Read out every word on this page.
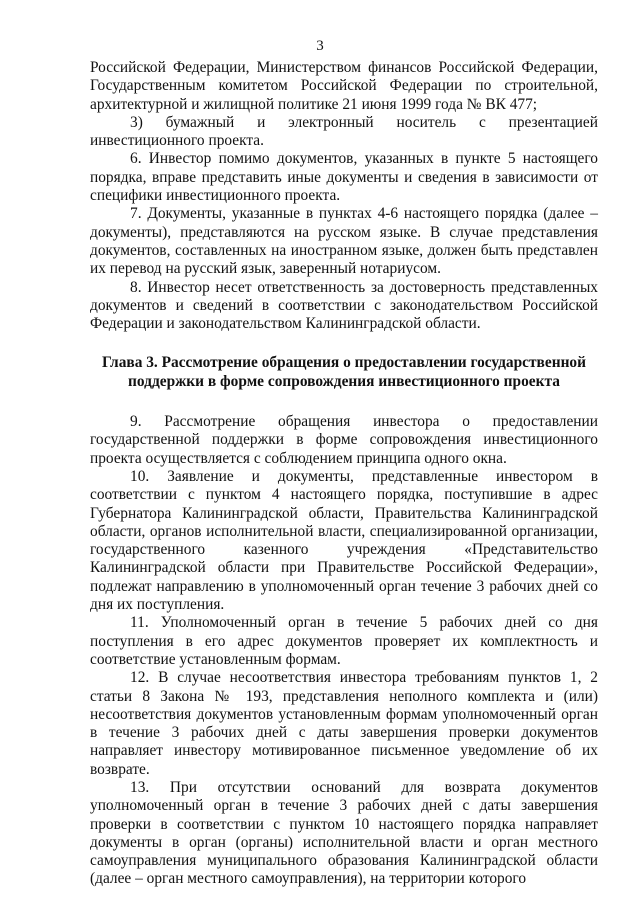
3

Российской Федерации, Министерством финансов Российской Федерации, Государственным комитетом Российской Федерации по строительной, архитектурной и жилищной политике 21 июня 1999 года № ВК 477;

3) бумажный и электронный носитель с презентацией инвестиционного проекта.

6. Инвестор помимо документов, указанных в пункте 5 настоящего порядка, вправе представить иные документы и сведения в зависимости от специфики инвестиционного проекта.

7. Документы, указанные в пунктах 4-6 настоящего порядка (далее – документы), представляются на русском языке. В случае представления документов, составленных на иностранном языке, должен быть представлен их перевод на русский язык, заверенный нотариусом.

8. Инвестор несет ответственность за достоверность представленных документов и сведений в соответствии с законодательством Российской Федерации и законодательством Калининградской области.

Глава 3. Рассмотрение обращения о предоставлении государственной
поддержки в форме сопровождения инвестиционного проекта

9. Рассмотрение обращения инвестора о предоставлении государственной поддержки в форме сопровождения инвестиционного проекта осуществляется с соблюдением принципа одного окна.

10. Заявление и документы, представленные инвестором в соответствии с пунктом 4 настоящего порядка, поступившие в адрес Губернатора Калининградской области, Правительства Калининградской области, органов исполнительной власти, специализированной организации, государственного казенного учреждения «Представительство Калининградской области при Правительстве Российской Федерации», подлежат направлению в уполномоченный орган течение 3 рабочих дней со дня их поступления.

11. Уполномоченный орган в течение 5 рабочих дней со дня поступления в его адрес документов проверяет их комплектность и соответствие установленным формам.

12. В случае несоответствия инвестора требованиям пунктов 1, 2 статьи 8 Закона № 193, представления неполного комплекта и (или) несоответствия документов установленным формам уполномоченный орган в течение 3 рабочих дней с даты завершения проверки документов направляет инвестору мотивированное письменное уведомление об их возврате.

13. При отсутствии оснований для возврата документов уполномоченный орган в течение 3 рабочих дней с даты завершения проверки в соответствии с пунктом 10 настоящего порядка направляет документы в орган (органы) исполнительной власти и орган местного самоуправления муниципального образования Калининградской области (далее – орган местного самоуправления), на территории которого
